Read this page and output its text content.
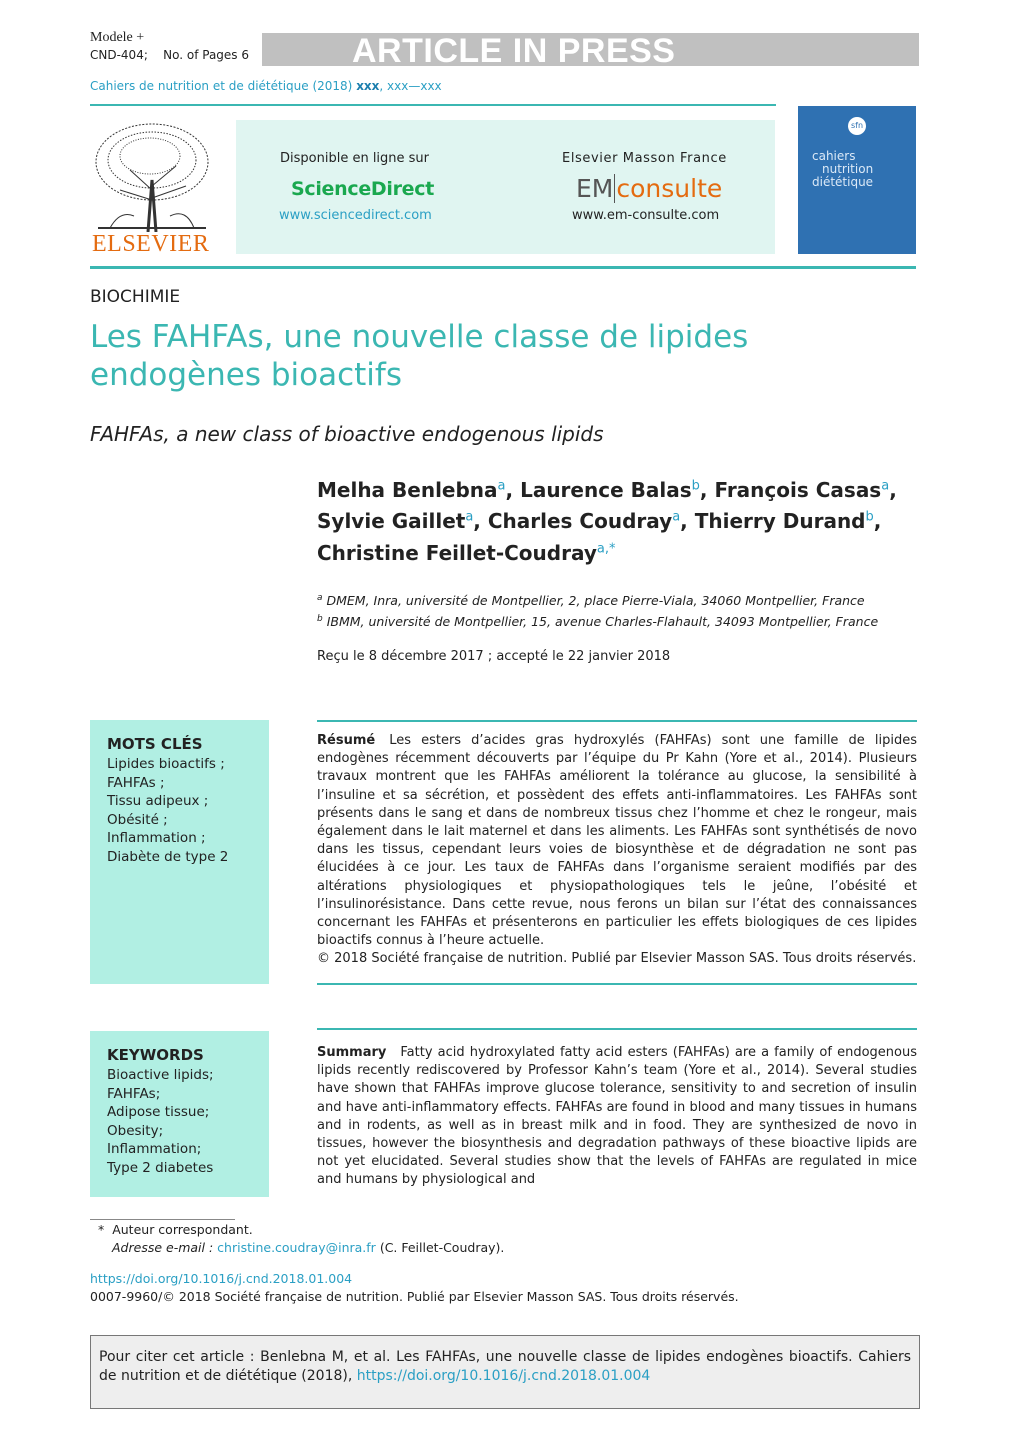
Modele +
CND-404; No. of Pages 6	ARTICLE IN PRESS
Cahiers de nutrition et de diététique (2018) xxx, xxx—xxx
ELSEVIER
Disponible en ligne sur
ScienceDirect
www.sciencedirect.com
Elsevier Masson France
EM consulte
www.em-consulte.com
sfn
cahiers
nutrition
diététique
BIOCHIMIE
Les FAHFAs, une nouvelle classe de lipides endogènes bioactifs
FAHFAs, a new class of bioactive endogenous lipids
Melha Benlebna$^a$, Laurence Balas$^b$, François Casas$^a$,
Sylvie Gaillet$^a$, Charles Coudray$^a$, Thierry Durand$^b$,
Christine Feillet-Coudray$^{a,*}$
$^a$ DMEM, Inra, université de Montpellier, 2, place Pierre-Viala, 34060 Montpellier, France
$^b$ IBMM, université de Montpellier, 15, avenue Charles-Flahault, 34093 Montpellier, France
Reçu le 8 décembre 2017 ; accepté le 22 janvier 2018
MOTS CLÉS
Lipides bioactifs ;
FAHFAs ;
Tissu adipeux ;
Obésité ;
Inflammation ;
Diabète de type 2
Résumé Les esters d’acides gras hydroxylés (FAHFAs) sont une famille de lipides endogènes récemment découverts par l’équipe du Pr Kahn (Yore et al., 2014). Plusieurs travaux montrent que les FAHFAs améliorent la tolérance au glucose, la sensibilité à l’insuline et sa sécrétion, et possèdent des effets anti-inflammatoires. Les FAHFAs sont présents dans le sang et dans de nombreux tissus chez l’homme et chez le rongeur, mais également dans le lait maternel et dans les aliments. Les FAHFAs sont synthétisés de novo dans les tissus, cependant leurs voies de biosynthèse et de dégradation ne sont pas élucidées à ce jour. Les taux de FAHFAs dans l’organisme seraient modifiés par des altérations physiologiques et physiopathologiques tels le jeûne, l’obésité et l’insulinorésistance. Dans cette revue, nous ferons un bilan sur l’état des connaissances concernant les FAHFAs et présenterons en particulier les effets biologiques de ces lipides bioactifs connus à l’heure actuelle.
© 2018 Société française de nutrition. Publié par Elsevier Masson SAS. Tous droits réservés.
KEYWORDS
Bioactive lipids;
FAHFAs;
Adipose tissue;
Obesity;
Inflammation;
Type 2 diabetes
Summary Fatty acid hydroxylated fatty acid esters (FAHFAs) are a family of endogenous lipids recently rediscovered by Professor Kahn’s team (Yore et al., 2014). Several studies have shown that FAHFAs improve glucose tolerance, sensitivity to and secretion of insulin and have anti-inflammatory effects. FAHFAs are found in blood and many tissues in humans and in rodents, as well as in breast milk and in food. They are synthesized de novo in tissues, however the biosynthesis and degradation pathways of these bioactive lipids are not yet elucidated. Several studies show that the levels of FAHFAs are regulated in mice and humans by physiological and
* Auteur correspondant.
Adresse e-mail : christine.coudray@inra.fr (C. Feillet-Coudray).
https://doi.org/10.1016/j.cnd.2018.01.004
0007-9960/© 2018 Société française de nutrition. Publié par Elsevier Masson SAS. Tous droits réservés.
Pour citer cet article : Benlebna M, et al. Les FAHFAs, une nouvelle classe de lipides endogènes bioactifs. Cahiers de nutrition et de diététique (2018), https://doi.org/10.1016/j.cnd.2018.01.004
